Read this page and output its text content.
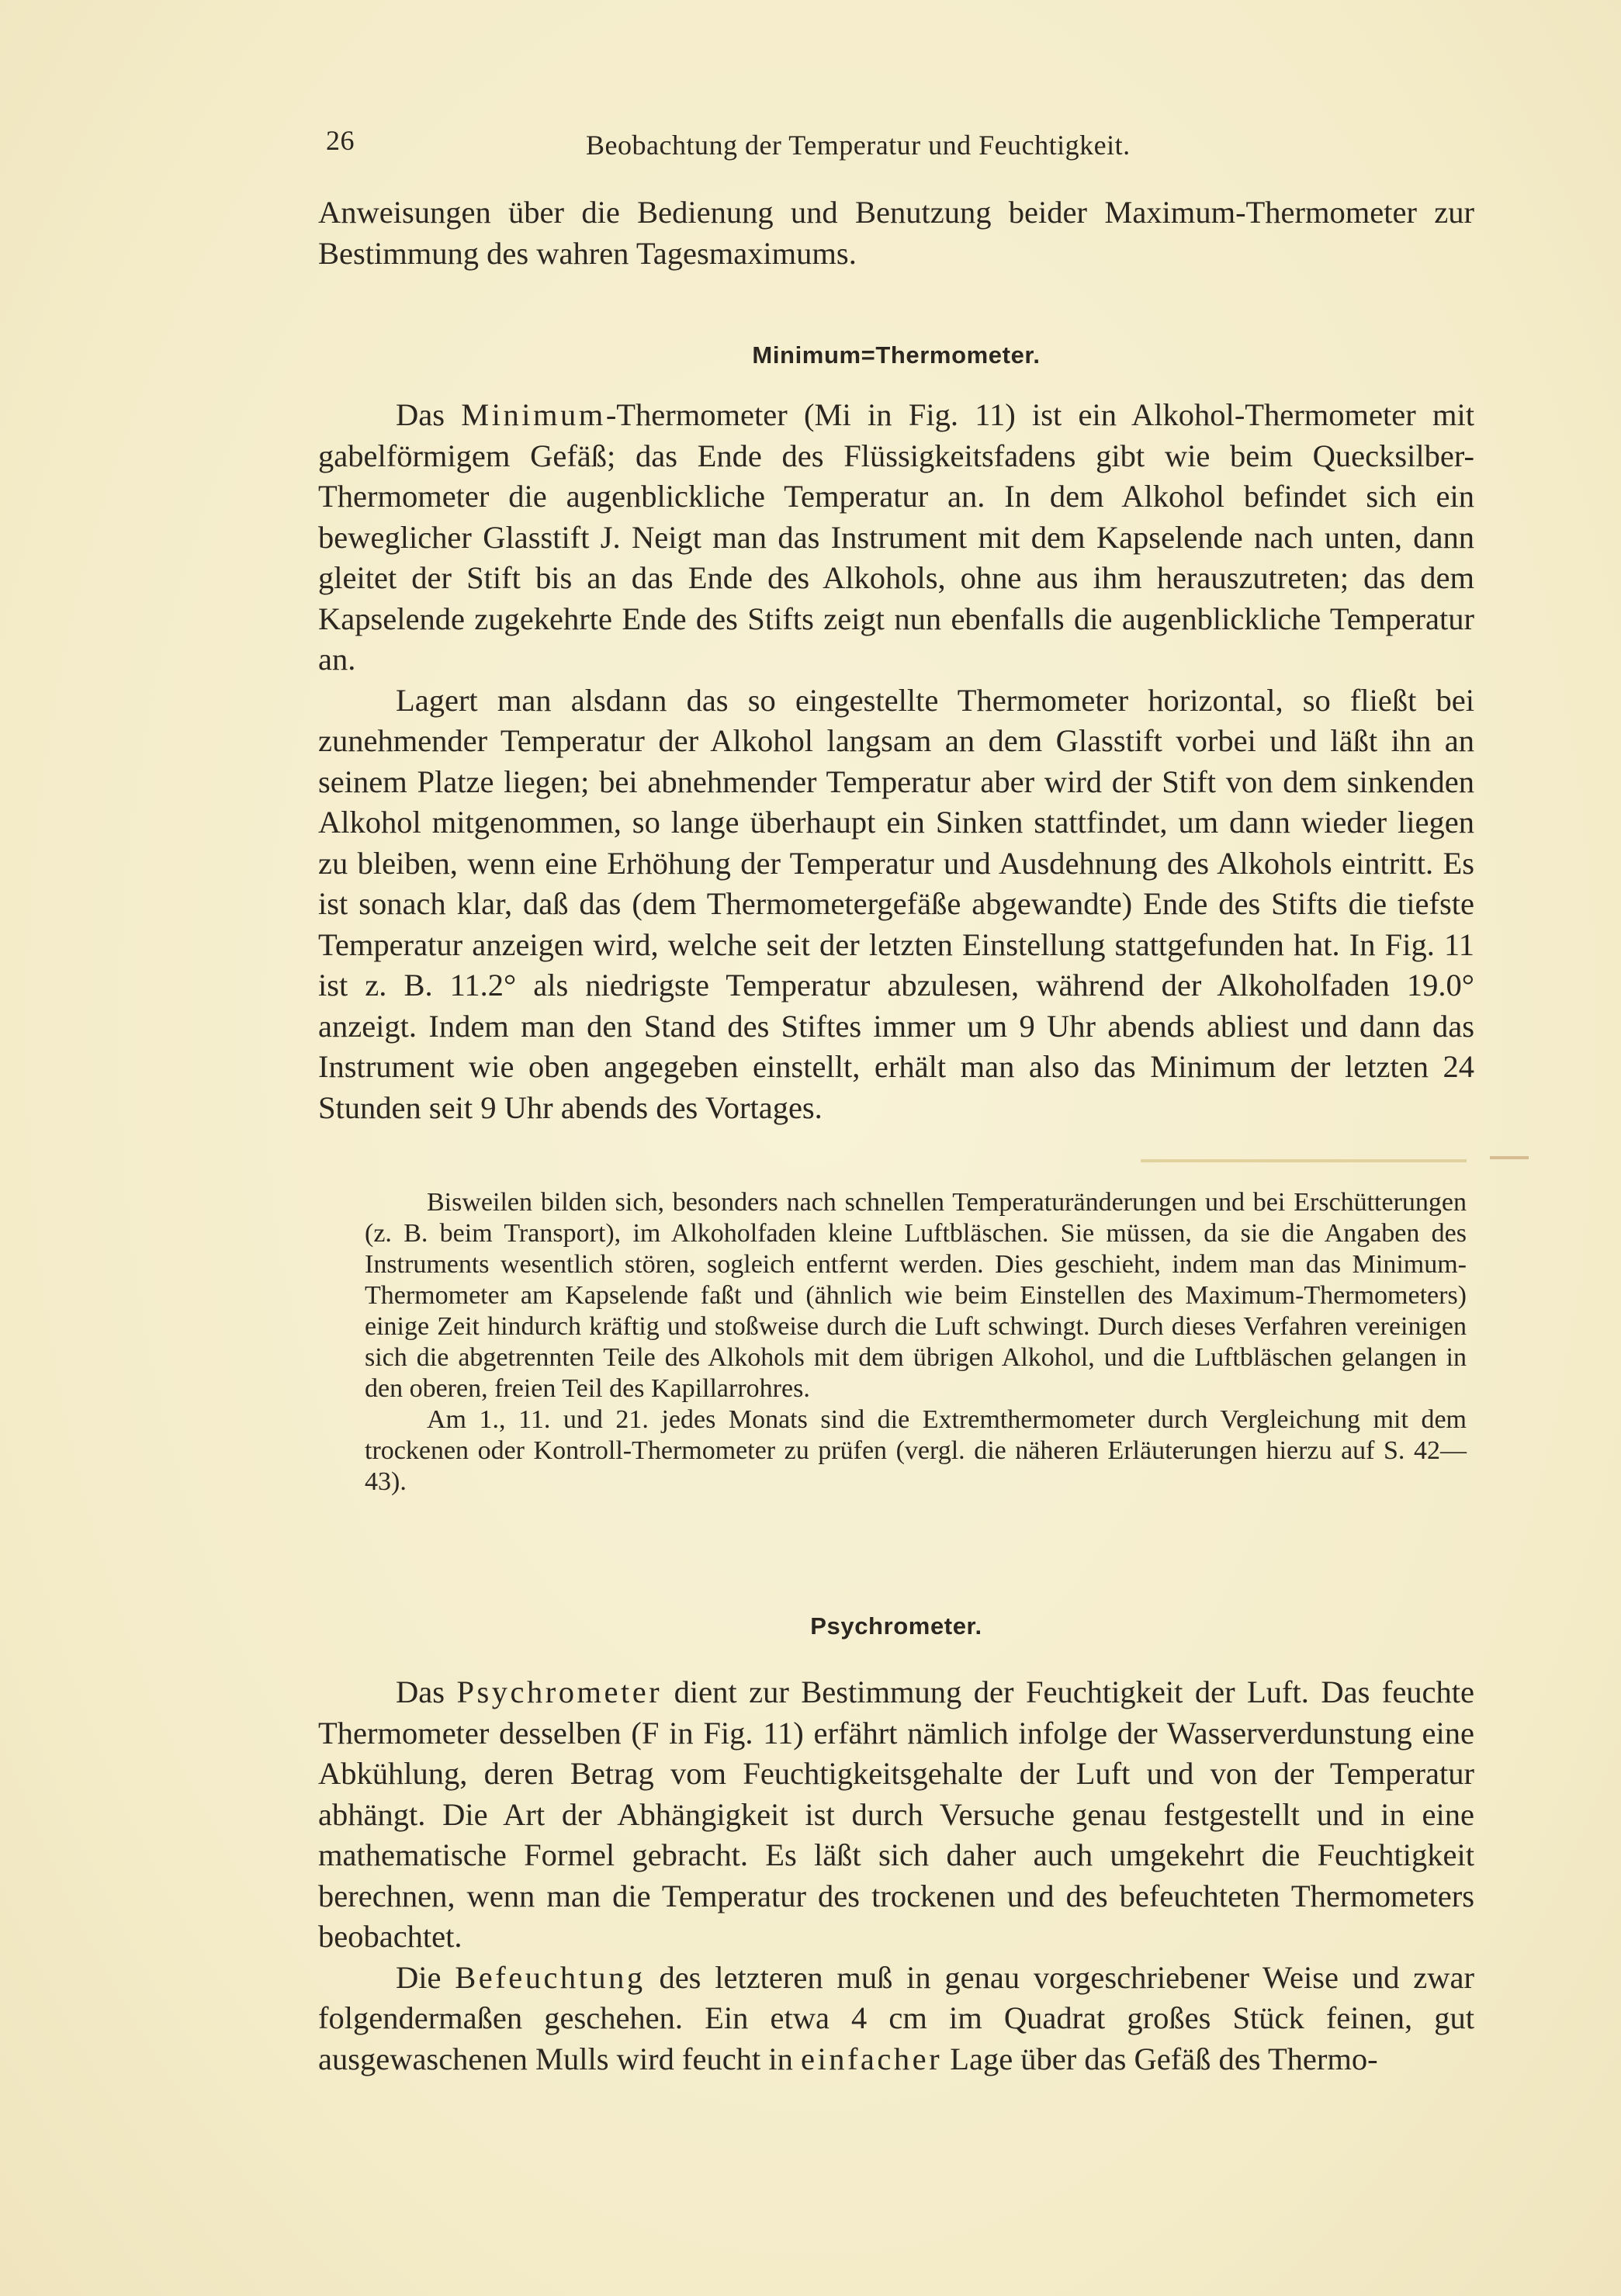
26	Beobachtung der Temperatur und Feuchtigkeit.

Anweisungen über die Bedienung und Benutzung beider Maximum-Thermometer zur Bestimmung des wahren Tagesmaximums.

Minimum=Thermometer.

Das Minimum-Thermometer (Mi in Fig. 11) ist ein Alkohol-Thermometer mit gabelförmigem Gefäß; das Ende des Flüssigkeitsfadens gibt wie beim Quecksilber-Thermometer die augenblickliche Temperatur an. In dem Alkohol befindet sich ein beweglicher Glasstift J. Neigt man das Instrument mit dem Kapselende nach unten, dann gleitet der Stift bis an das Ende des Alkohols, ohne aus ihm herauszutreten; das dem Kapselende zugekehrte Ende des Stifts zeigt nun ebenfalls die augenblickliche Temperatur an.

Lagert man alsdann das so eingestellte Thermometer horizontal, so fließt bei zunehmender Temperatur der Alkohol langsam an dem Glasstift vorbei und läßt ihn an seinem Platze liegen; bei abnehmender Temperatur aber wird der Stift von dem sinkenden Alkohol mitgenommen, so lange überhaupt ein Sinken stattfindet, um dann wieder liegen zu bleiben, wenn eine Erhöhung der Temperatur und Ausdehnung des Alkohols eintritt. Es ist sonach klar, daß das (dem Thermometergefäße abgewandte) Ende des Stifts die tiefste Temperatur anzeigen wird, welche seit der letzten Einstellung stattgefunden hat. In Fig. 11 ist z. B. 11.2° als niedrigste Temperatur abzulesen, während der Alkoholfaden 19.0° anzeigt. Indem man den Stand des Stiftes immer um 9 Uhr abends abliest und dann das Instrument wie oben angegeben einstellt, erhält man also das Minimum der letzten 24 Stunden seit 9 Uhr abends des Vortages.

Bisweilen bilden sich, besonders nach schnellen Temperaturänderungen und bei Erschütterungen (z. B. beim Transport), im Alkoholfaden kleine Luftbläschen. Sie müssen, da sie die Angaben des Instruments wesentlich stören, sogleich entfernt werden. Dies geschieht, indem man das Minimum-Thermometer am Kapselende faßt und (ähnlich wie beim Einstellen des Maximum-Thermometers) einige Zeit hindurch kräftig und stoßweise durch die Luft schwingt. Durch dieses Verfahren vereinigen sich die abgetrennten Teile des Alkohols mit dem übrigen Alkohol, und die Luftbläschen gelangen in den oberen, freien Teil des Kapillarrohres.

Am 1., 11. und 21. jedes Monats sind die Extremthermometer durch Vergleichung mit dem trockenen oder Kontroll-Thermometer zu prüfen (vergl. die näheren Erläuterungen hierzu auf S. 42—43).

Psychrometer.

Das Psychrometer dient zur Bestimmung der Feuchtigkeit der Luft. Das feuchte Thermometer desselben (F in Fig. 11) erfährt nämlich infolge der Wasserverdunstung eine Abkühlung, deren Betrag vom Feuchtigkeitsgehalte der Luft und von der Temperatur abhängt. Die Art der Abhängigkeit ist durch Versuche genau festgestellt und in eine mathematische Formel gebracht. Es läßt sich daher auch umgekehrt die Feuchtigkeit berechnen, wenn man die Temperatur des trockenen und des befeuchteten Thermometers beobachtet.

Die Befeuchtung des letzteren muß in genau vorgeschriebener Weise und zwar folgendermaßen geschehen. Ein etwa 4 cm im Quadrat großes Stück feinen, gut ausgewaschenen Mulls wird feucht in einfacher Lage über das Gefäß des Thermo-
